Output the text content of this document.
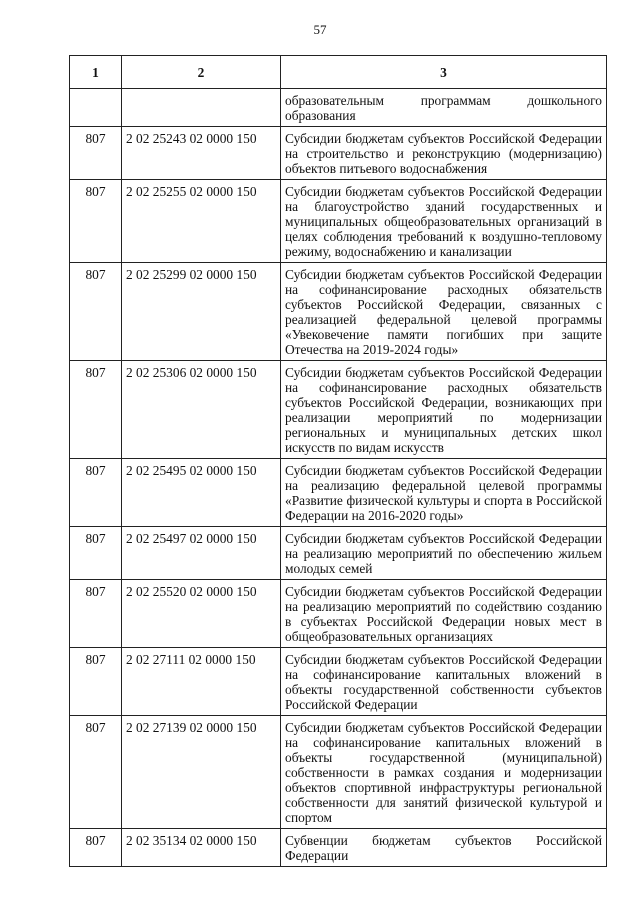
57
1	2	3
		образовательным программам дошкольного образования
807	2 02 25243 02 0000 150	Субсидии бюджетам субъектов Российской Федерации на строительство и реконструкцию (модернизацию) объектов питьевого водоснабжения
807	2 02 25255 02 0000 150	Субсидии бюджетам субъектов Российской Федерации на благоустройство зданий государственных и муниципальных общеобразовательных организаций в целях соблюдения требований к воздушно-тепловому режиму, водоснабжению и канализации
807	2 02 25299 02 0000 150	Субсидии бюджетам субъектов Российской Федерации на софинансирование расходных обязательств субъектов Российской Федерации, связанных с реализацией федеральной целевой программы «Увековечение памяти погибших при защите Отечества на 2019-2024 годы»
807	2 02 25306 02 0000 150	Субсидии бюджетам субъектов Российской Федерации на софинансирование расходных обязательств субъектов Российской Федерации, возникающих при реализации мероприятий по модернизации региональных и муниципальных детских школ искусств по видам искусств
807	2 02 25495 02 0000 150	Субсидии бюджетам субъектов Российской Федерации на реализацию федеральной целевой программы «Развитие физической культуры и спорта в Российской Федерации на 2016-2020 годы»
807	2 02 25497 02 0000 150	Субсидии бюджетам субъектов Российской Федерации на реализацию мероприятий по обеспечению жильем молодых семей
807	2 02 25520 02 0000 150	Субсидии бюджетам субъектов Российской Федерации на реализацию мероприятий по содействию созданию в субъектах Российской Федерации новых мест в общеобразовательных организациях
807	2 02 27111 02 0000 150	Субсидии бюджетам субъектов Российской Федерации на софинансирование капитальных вложений в объекты государственной собственности субъектов Российской Федерации
807	2 02 27139 02 0000 150	Субсидии бюджетам субъектов Российской Федерации на софинансирование капитальных вложений в объекты государственной (муниципальной) собственности в рамках создания и модернизации объектов спортивной инфраструктуры региональной собственности для занятий физической культурой и спортом
807	2 02 35134 02 0000 150	Субвенции бюджетам субъектов Российской Федерации
